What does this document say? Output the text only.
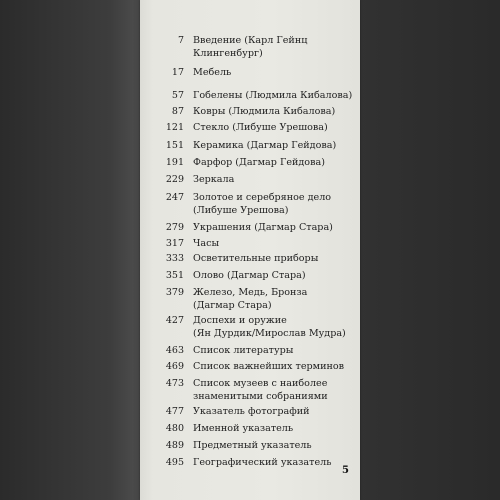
7 Введение (Карл Гейнц
Клингенбург)
17 Мебель
57 Гобелены (Людмила Кибалова)
87 Ковры (Людмила Кибалова)
121 Стекло (Либуше Урешова)
151 Керамика (Дагмар Гейдова)
191 Фарфор (Дагмар Гейдова)
229 Зеркала
247 Золотое и серебряное дело
(Либуше Урешова)
279 Украшения (Дагмар Стара)
317 Часы
333 Осветительные приборы
351 Олово (Дагмар Стара)
379 Железо, Медь, Бронза
(Дагмар Стара)
427 Доспехи и оружие
(Ян Дурдик/Мирослав Мудра)
463 Список литературы
469 Список важнейших терминов
473 Список музеев с наиболее
знаменитыми собраниями
477 Указатель фотографий
480 Именной указатель
489 Предметный указатель
495 Географический указатель
5
